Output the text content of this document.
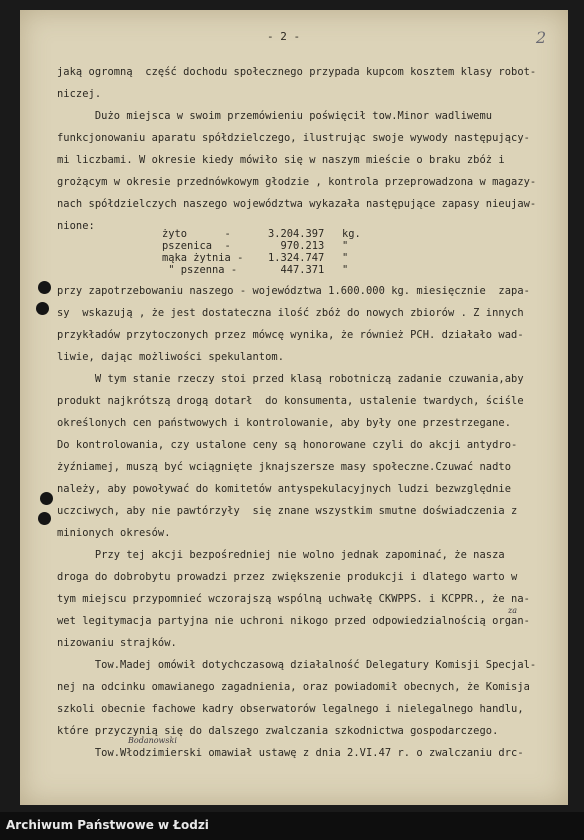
- 2 -	2
jaką ogromną  część dochodu społecznego przypada kupcom kosztem klasy robot-
niczej.
Dużo miejsca w swoim przemówieniu poświęcił tow.Minor wadliwemu
funkcjonowaniu aparatu spółdzielczego, ilustrując swoje wywody następujący-
mi liczbami. W okresie kiedy mówiło się w naszym mieście o braku zbóż i
grożącym w okresie przednówkowym głodzie , kontrola przeprowadzona w magazy-
nach spółdzielczych naszego województwa wykazała następujące zapasy nieujaw-
nione:
żyto      -	3.204.397 kg.
pszenica  -	970.213 "
mąka żytnia - 1.324.747 "
" pszenna -	447.371 "
przy zapotrzebowaniu naszego - województwa 1.600.000 kg. miesięcznie  zapa-
sy  wskazują , że jest dostateczna ilość zbóż do nowych zbiorów . Z innych
przykładów przytoczonych przez mówcę wynika, że również PCH. działało wad-
liwie, dając możliwości spekulantom.
W tym stanie rzeczy stoi przed klasą robotniczą zadanie czuwania,aby
produkt najkrótszą drogą dotarł  do konsumenta, ustalenie twardych, ściśle
określonych cen państwowych i kontrolowanie, aby były one przestrzegane.
Do kontrolowania, czy ustalone ceny są honorowane czyli do akcji antydro-
żyźniamej, muszą być wciągnięte jknajszersze masy społeczne.Czuwać nadto
należy, aby powoływać do komitetów antyspekulacyjnych ludzi bezwzględnie
uczciwych, aby nie pawtórzyły  się znane wszystkim smutne doświadczenia z
minionych okresów.
Przy tej akcji bezpośredniej nie wolno jednak zapominać, że nasza
droga do dobrobytu prowadzi przez zwiększenie produkcji i dlatego warto w
tym miejscu przypomnieć wczorajszą wspólną uchwałę CKWPPS. i KCPPR., że na-
wet legitymacja partyjna nie uchroni nikogo przed odpowiedzialnością organ-
nizowaniu strajków.
Tow.Madej omówił dotychczasową działalność Delegatury Komisji Specjal-
nej na odcinku omawianego zagadnienia, oraz powiadomił obecnych, że Komisja
szkoli obecnie fachowe kadry obserwatorów legalnego i nielegalnego handlu,
które przyczynią się do dalszego zwalczania szkodnictwa gospodarczego.
Tow.Włodzimierski omawiał ustawę z dnia 2.VI.47 r. o zwalczaniu drc-
za
Bodanowski
Archiwum Państwowe w Łodzi
